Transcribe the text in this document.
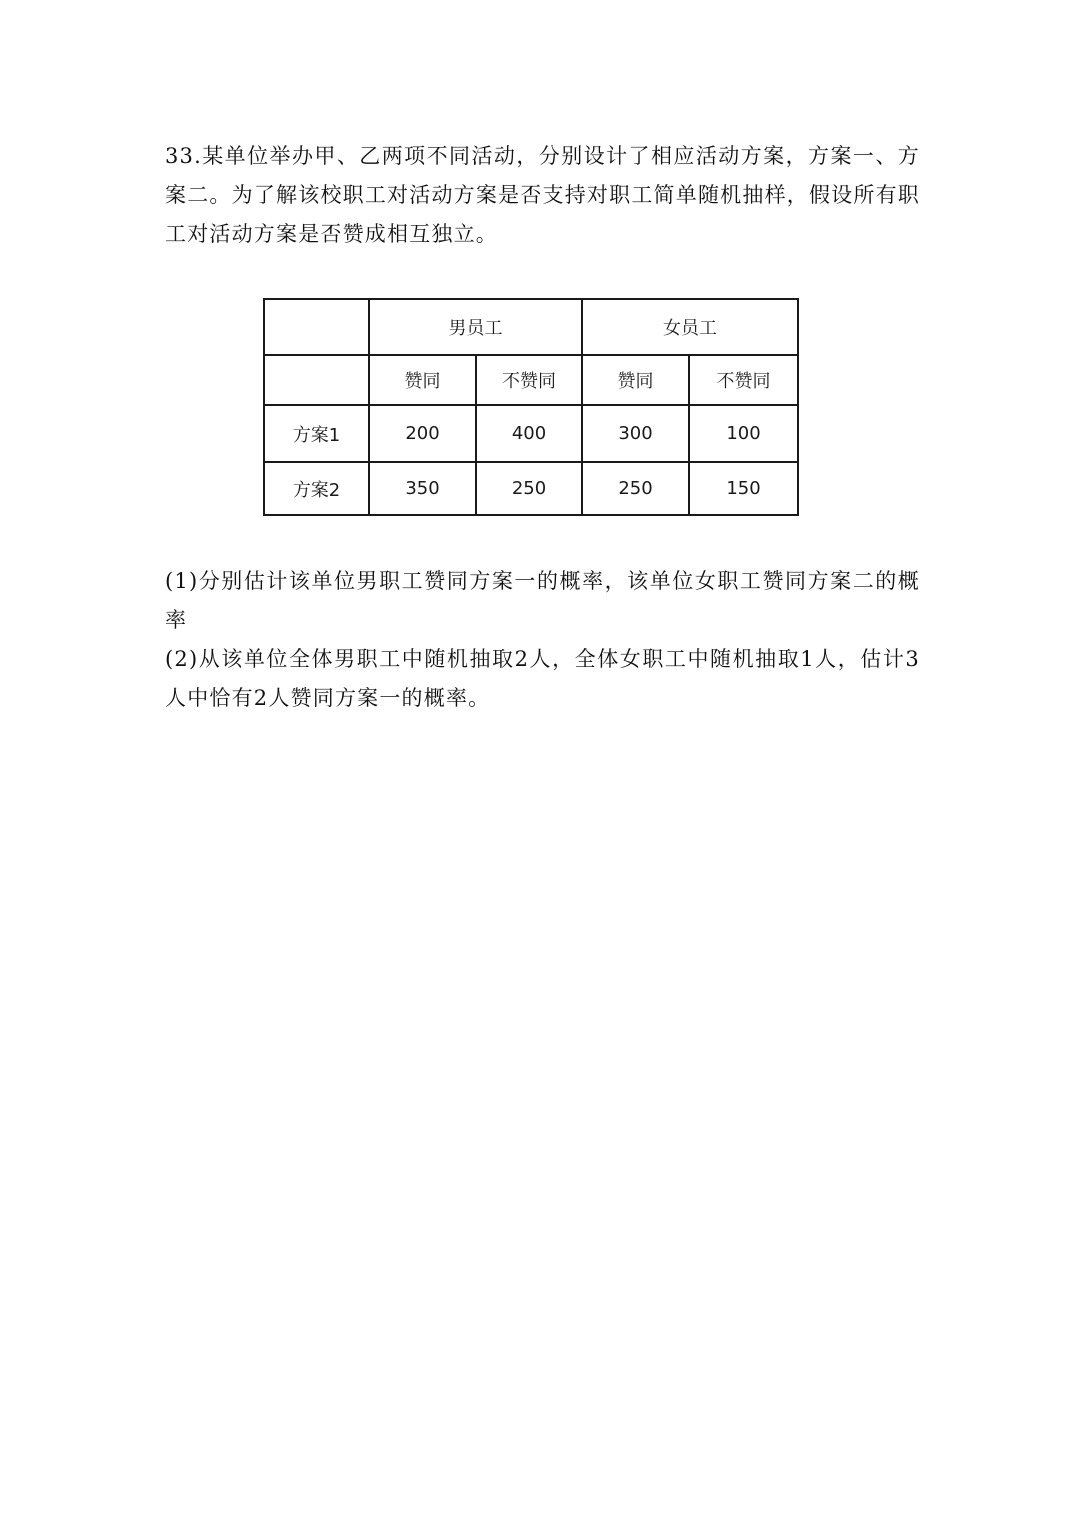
33.某单位举办甲、乙两项不同活动，分别设计了相应活动方案，方案一、方案二。为了解该校职工对活动方案是否支持对职工简单随机抽样，假设所有职工对活动方案是否赞成相互独立。

	男员工		女员工	
	赞同	不赞同	赞同	不赞同
方案1	200	400	300	100
方案2	350	250	250	150

(1)分别估计该单位男职工赞同方案一的概率，该单位女职工赞同方案二的概率

(2)从该单位全体男职工中随机抽取2人，全体女职工中随机抽取1人，估计3人中恰有2人赞同方案一的概率。
